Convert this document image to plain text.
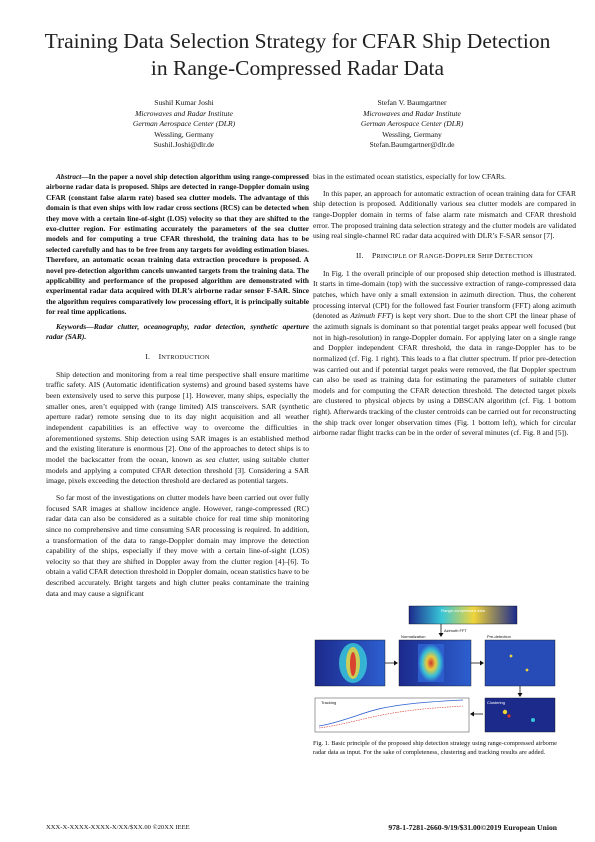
Training Data Selection Strategy for CFAR Ship Detection in Range-Compressed Radar Data
Sushil Kumar Joshi
Microwaves and Radar Institute
German Aerospace Center (DLR)
Wessling, Germany
Sushil.Joshi@dlr.de
Stefan V. Baumgartner
Microwaves and Radar Institute
German Aerospace Center (DLR)
Wessling, Germany
Stefan.Baumgartner@dlr.de

Abstract—In the paper a novel ship detection algorithm using range-compressed airborne radar data is proposed. Ships are detected in range-Doppler domain using CFAR (constant false alarm rate) based sea clutter models. The advantage of this domain is that even ships with low radar cross sections (RCS) can be detected when they move with a certain line-of-sight (LOS) velocity so that they are shifted to the exo-clutter region. For estimating accurately the parameters of the sea clutter models and for computing a true CFAR threshold, the training data has to be selected carefully and has to be free from any targets for avoiding estimation biases. Therefore, an automatic ocean training data extraction procedure is proposed. A novel pre-detection algorithm cancels unwanted targets from the training data. The applicability and performance of the proposed algorithm are demonstrated with experimental radar data acquired with DLR’s airborne radar sensor F-SAR. Since the algorithm requires comparatively low processing effort, it is principally suitable for real time applications.

Keywords—Radar clutter, oceanography, radar detection, synthetic aperture radar (SAR).

I. INTRODUCTION

Ship detection and monitoring from a real time perspective shall ensure maritime traffic safety. AIS (Automatic identification systems) and ground based systems have been extensively used to serve this purpose [1]. However, many ships, especially the smaller ones, aren’t equipped with (range limited) AIS transceivers. SAR (synthetic aperture radar) remote sensing due to its day night acquisition and all weather independent capabilities is an effective way to overcome the difficulties in aforementioned systems. Ship detection using SAR images is an established method and the existing literature is enormous [2]. One of the approaches to detect ships is to model the backscatter from the ocean, known as sea clutter, using suitable clutter models and applying a computed CFAR detection threshold [3]. Considering a SAR image, pixels exceeding the detection threshold are declared as potential targets.

So far most of the investigations on clutter models have been carried out over fully focused SAR images at shallow incidence angle. However, range-compressed (RC) radar data can also be considered as a suitable choice for real time ship monitoring since no comprehensive and time consuming SAR processing is required. In addition, a transformation of the data to range-Doppler domain may improve the detection capability of the ships, especially if they move with a certain line-of-sight (LOS) velocity so that they are shifted in Doppler away from the clutter region [4]–[6]. To obtain a valid CFAR detection threshold in Doppler domain, ocean statistics have to be described accurately. Bright targets and high clutter peaks contaminate the training data and may cause a significant

bias in the estimated ocean statistics, especially for low CFARs.

In this paper, an approach for automatic extraction of ocean training data for CFAR ship detection is proposed. Additionally various sea clutter models are compared in range-Doppler domain in terms of false alarm rate mismatch and CFAR threshold error. The proposed training data selection strategy and the clutter models are validated using real single-channel RC radar data acquired with DLR’s F-SAR sensor [7].

II. PRINCIPLE OF RANGE-DOPPLER SHIP DETECTION

In Fig. 1 the overall principle of our proposed ship detection method is illustrated. It starts in time-domain (top) with the successive extraction of range-compressed data patches, which have only a small extension in azimuth direction. Thus, the coherent processing interval (CPI) for the followed fast Fourier transform (FFT) along azimuth (denoted as Azimuth FFT) is kept very short. Due to the short CPI the linear phase of the azimuth signals is dominant so that potential target peaks appear well focused (but not in high-resolution) in range-Doppler domain. For applying later on a single range and Doppler independent CFAR threshold, the data in range-Doppler has to be normalized (cf. Fig. 1 right). This leads to a flat clutter spectrum. If prior pre-detection was carried out and if potential target peaks were removed, the flat Doppler spectrum can also be used as training data for estimating the parameters of suitable clutter models and for computing the CFAR detection threshold. The detected target pixels are clustered to physical objects by using a DBSCAN algorithm (cf. Fig. 1 bottom right). Afterwards tracking of the cluster centroids can be carried out for reconstructing the ship track over longer observation times (Fig. 1 bottom left), which for circular airborne radar flight tracks can be in the order of several minutes (cf. Fig. 8 and [5]).

Range-compressed data
Azimuth FFT
Normalization	Pre-detection
Tracking	Clustering
Fig. 1. Basic principle of the proposed ship detection strategy using range-compressed airborne radar data as input. For the sake of completeness, clustering and tracking results are added.
XXX-X-XXXX-XXXX-X/XX/$XX.00 ©20XX IEEE	978-1-7281-2660-9/19/$31.00©2019 European Union
